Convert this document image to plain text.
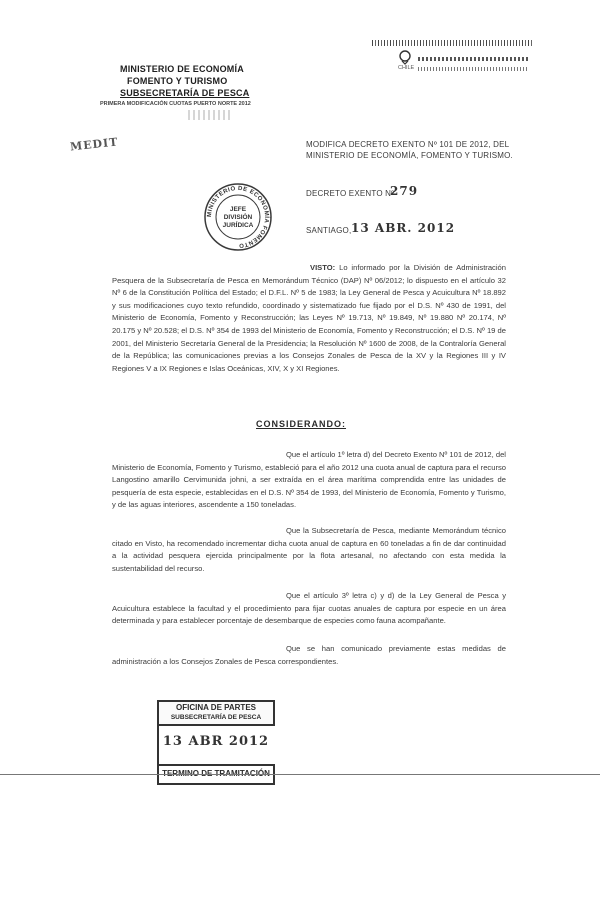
CHILE
MINISTERIO DE ECONOMÍA
FOMENTO Y TURISMO
SUBSECRETARÍA DE PESCA
PRIMERA MODIFICACIÓN CUOTAS PUERTO NORTE 2012
MEDIT	MODIFICA DECRETO EXENTO Nº 101 DE 2012, DEL
MINISTERIO DE ECONOMÍA, FOMENTO Y TURISMO.
MINISTERIO DE ECONOMÍA FOMENTO
JEFE
DIVISIÓN
JURÍDICA
DECRETO EXENTO Nº
279
SANTIAGO, 13 ABR. 2012
VISTO: Lo informado por la División de Administración Pesquera de la Subsecretaría de Pesca en Memorándum Técnico (DAP) Nº 06/2012; lo dispuesto en el artículo 32 Nº 6 de la Constitución Política del Estado; el D.F.L. Nº 5 de 1983; la Ley General de Pesca y Acuicultura Nº 18.892 y sus modificaciones cuyo texto refundido, coordinado y sistematizado fue fijado por el D.S. Nº 430 de 1991, del Ministerio de Economía, Fomento y Reconstrucción; las Leyes Nº 19.713, Nº 19.849, Nº 19.880 Nº 20.174, Nº 20.175 y Nº 20.528; el D.S. Nº 354 de 1993 del Ministerio de Economía, Fomento y Reconstrucción; el D.S. Nº 19 de 2001, del Ministerio Secretaría General de la Presidencia; la Resolución Nº 1600 de 2008, de la Contraloría General de la República; las comunicaciones previas a los Consejos Zonales de Pesca de la XV y la Regiones III y IV Regiones V a IX Regiones e Islas Oceánicas, XIV, X y XI Regiones.
CONSIDERANDO:
Que el artículo 1º letra d) del Decreto Exento Nº 101 de 2012, del Ministerio de Economía, Fomento y Turismo, estableció para el año 2012 una cuota anual de captura para el recurso Langostino amarillo Cervimunida johni, a ser extraída en el área marítima comprendida entre las unidades de pesquería de esta especie, establecidas en el D.S. Nº 354 de 1993, del Ministerio de Economía, Fomento y Turismo, y de las aguas interiores, ascendente a 150 toneladas.
Que la Subsecretaría de Pesca, mediante Memorándum técnico citado en Visto, ha recomendado incrementar dicha cuota anual de captura en 60 toneladas a fin de dar continuidad a la actividad pesquera ejercida principalmente por la flota artesanal, no afectando con esta medida la sustentabilidad del recurso.
Que el artículo 3º letra c) y d) de la Ley General de Pesca y Acuicultura establece la facultad y el procedimiento para fijar cuotas anuales de captura por especie en un área determinada y para establecer porcentaje de desembarque de especies como fauna acompañante.
Que se han comunicado previamente estas medidas de administración a los Consejos Zonales de Pesca correspondientes.
OFICINA DE PARTES
SUBSECRETARÍA DE PESCA
13 ABR 2012
